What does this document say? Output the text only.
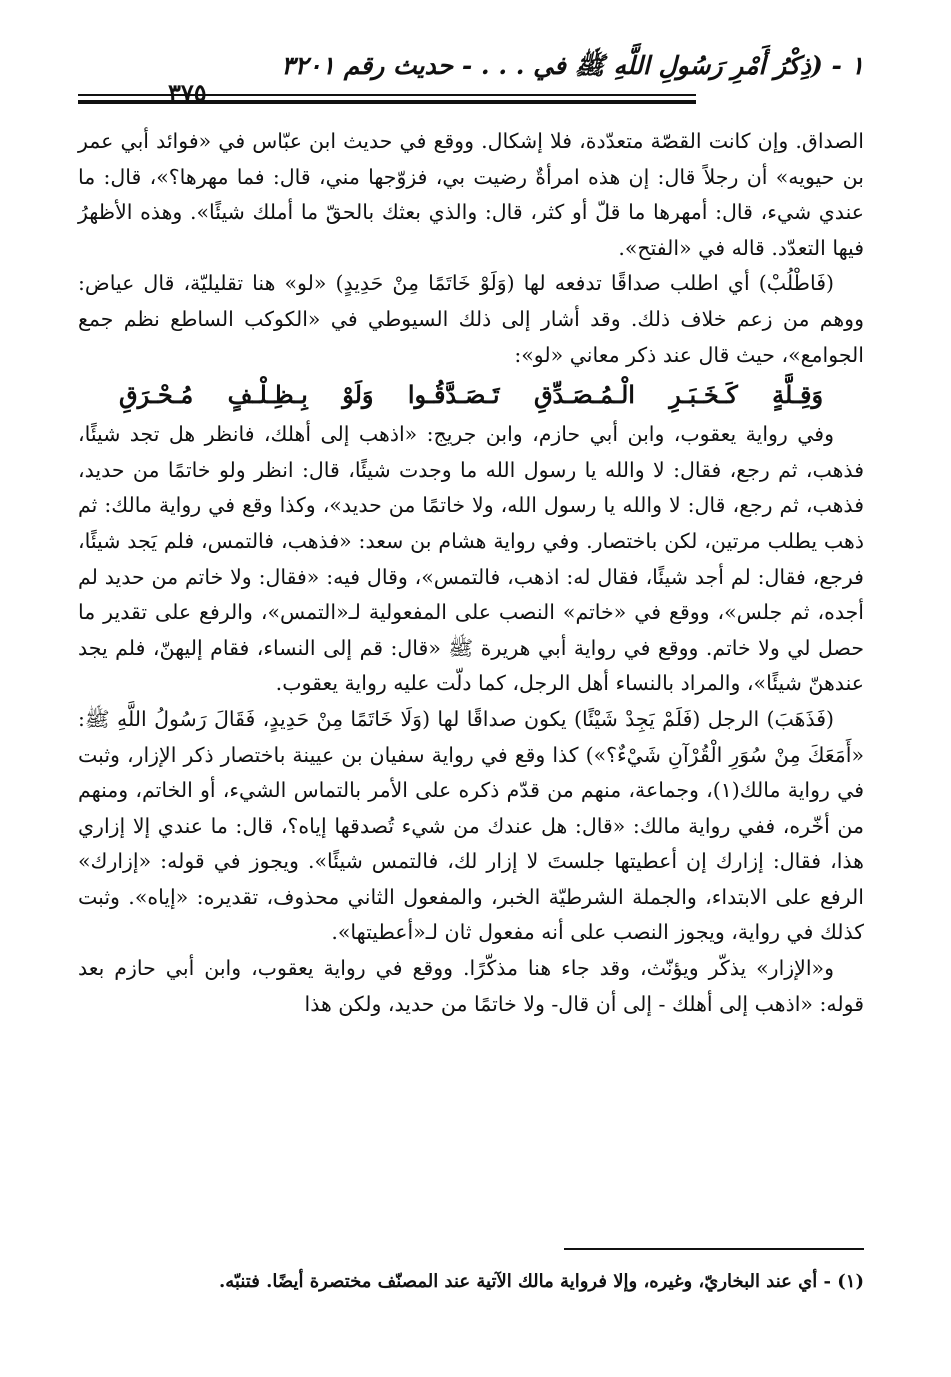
١ - (ذِكْرُ أَمْرِ رَسُولِ اللَّهِ ﷺ في . . . - حديث رقم ٣٢٠١
٣٧٥

الصداق. وإن كانت القصّة متعدّدة، فلا إشكال. ووقع في حديث ابن عبّاس في «فوائد أبي عمر بن حيويه» أن رجلاً قال: إن هذه امرأةٌ رضيت بي، فزوّجها مني، قال: فما مهرها؟»، قال: ما عندي شيء، قال: أمهرها ما قلّ أو كثر، قال: والذي بعثك بالحقّ ما أملك شيئًا». وهذه الأظهرُ فيها التعدّد. قاله في «الفتح».

(فَاطْلُبْ) أي اطلب صداقًا تدفعه لها (وَلَوْ خَاتَمًا مِنْ حَدِيدٍ) «لو» هنا تقليليّة، قال عياض: ووهم من زعم خلاف ذلك. وقد أشار إلى ذلك السيوطي في «الكوكب الساطع نظم جمع الجوامع»، حيث قال عند ذكر معاني «لو»:

وَقِـلَّةٍ كَـخَـبَـرِ الْـمُـصَـدِّقِ تَـصَـدَّقُـوا وَلَوْ بِـظِـلْـفٍ مُـحْـرَقِ

وفي رواية يعقوب، وابن أبي حازم، وابن جريج: «اذهب إلى أهلك، فانظر هل تجد شيئًا، فذهب، ثم رجع، فقال: لا والله يا رسول الله ما وجدت شيئًا، قال: انظر ولو خاتمًا من حديد، فذهب، ثم رجع، قال: لا والله يا رسول الله، ولا خاتمًا من حديد»، وكذا وقع في رواية مالك: ثم ذهب يطلب مرتين، لكن باختصار. وفي رواية هشام بن سعد: «فذهب، فالتمس، فلم يَجد شيئًا، فرجع، فقال: لم أجد شيئًا، فقال له: اذهب، فالتمس»، وقال فيه: «فقال: ولا خاتم من حديد لم أجده، ثم جلس»، ووقع في «خاتم» النصب على المفعولية لـ«التمس»، والرفع على تقدير ما حصل لي ولا خاتم. ووقع في رواية أبي هريرة ﷺ «قال: قم إلى النساء، فقام إليهنّ، فلم يجد عندهنّ شيئًا»، والمراد بالنساء أهل الرجل، كما دلّت عليه رواية يعقوب.

(فَذَهَبَ) الرجل (فَلَمْ يَجِدْ شَيْئًا) يكون صداقًا لها (وَلَا خَاتَمًا مِنْ حَدِيدٍ، فَقَالَ رَسُولُ اللَّهِ ﷺ: «أَمَعَكَ مِنْ سُوَرِ الْقُرْآنِ شَيْءٌ؟») كذا وقع في رواية سفيان بن عيينة باختصار ذكر الإزار، وثبت في رواية مالك(١)، وجماعة، منهم من قدّم ذكره على الأمر بالتماس الشيء، أو الخاتم، ومنهم من أخّره، ففي رواية مالك: «قال: هل عندك من شيء تُصدقها إياه؟، قال: ما عندي إلا إزاري هذا، فقال: إزارك إن أعطيتها جلستَ لا إزار لك، فالتمس شيئًا». ويجوز في قوله: «إزارك» الرفع على الابتداء، والجملة الشرطيّة الخبر، والمفعول الثاني محذوف، تقديره: «إياه». وثبت كذلك في رواية، ويجوز النصب على أنه مفعول ثان لـ«أعطيتها».

و«الإزار» يذكّر ويؤنّث، وقد جاء هنا مذكّرًا. ووقع في رواية يعقوب، وابن أبي حازم بعد قوله: «اذهب إلى أهلك - إلى أن قال- ولا خاتمًا من حديد، ولكن هذا

(١) - أي عند البخاريّ، وغيره، وإلا فرواية مالك الآتية عند المصنّف مختصرة أيضًا. فتنبّه.
